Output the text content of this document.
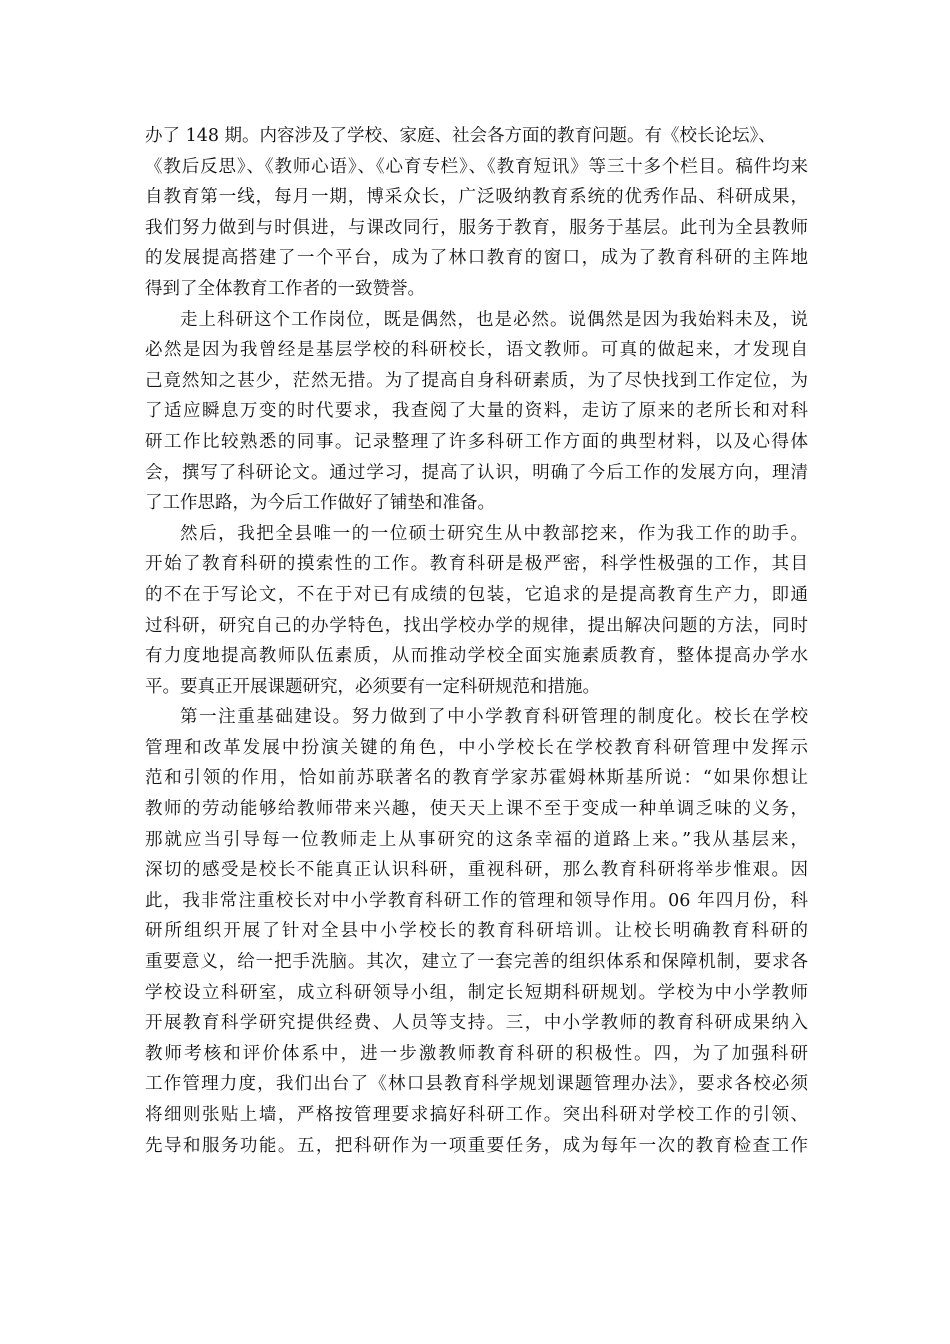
办了 148 期。内容涉及了学校、家庭、社会各方面的教育问题。有《校长论坛》、
《教后反思》、《教师心语》、《心育专栏》、《教育短讯》等三十多个栏目。稿件均来
自教育第一线，每月一期，博采众长，广泛吸纳教育系统的优秀作品、科研成果，
我们努力做到与时俱进，与课改同行，服务于教育，服务于基层。此刊为全县教师
的发展提高搭建了一个平台，成为了林口教育的窗口，成为了教育科研的主阵地
得到了全体教育工作者的一致赞誉。
走上科研这个工作岗位，既是偶然，也是必然。说偶然是因为我始料未及，说
必然是因为我曾经是基层学校的科研校长，语文教师。可真的做起来，才发现自
己竟然知之甚少，茫然无措。为了提高自身科研素质，为了尽快找到工作定位，为
了适应瞬息万变的时代要求，我查阅了大量的资料，走访了原来的老所长和对科
研工作比较熟悉的同事。记录整理了许多科研工作方面的典型材料，以及心得体
会，撰写了科研论文。通过学习，提高了认识，明确了今后工作的发展方向，理清
了工作思路，为今后工作做好了铺垫和准备。
然后，我把全县唯一的一位硕士研究生从中教部挖来，作为我工作的助手。
开始了教育科研的摸索性的工作。教育科研是极严密，科学性极强的工作，其目
的不在于写论文，不在于对已有成绩的包装，它追求的是提高教育生产力，即通
过科研，研究自己的办学特色，找出学校办学的规律，提出解决问题的方法，同时
有力度地提高教师队伍素质，从而推动学校全面实施素质教育，整体提高办学水
平。要真正开展课题研究，必须要有一定科研规范和措施。
第一注重基础建设。努力做到了中小学教育科研管理的制度化。校长在学校
管理和改革发展中扮演关键的角色，中小学校长在学校教育科研管理中发挥示
范和引领的作用，恰如前苏联著名的教育学家苏霍姆林斯基所说：“如果你想让
教师的劳动能够给教师带来兴趣，使天天上课不至于变成一种单调乏味的义务，
那就应当引导每一位教师走上从事研究的这条幸福的道路上来。”我从基层来，
深切的感受是校长不能真正认识科研，重视科研，那么教育科研将举步惟艰。因
此，我非常注重校长对中小学教育科研工作的管理和领导作用。06 年四月份，科
研所组织开展了针对全县中小学校长的教育科研培训。让校长明确教育科研的
重要意义，给一把手洗脑。其次，建立了一套完善的组织体系和保障机制，要求各
学校设立科研室，成立科研领导小组，制定长短期科研规划。学校为中小学教师
开展教育科学研究提供经费、人员等支持。三，中小学教师的教育科研成果纳入
教师考核和评价体系中，进一步激教师教育科研的积极性。四，为了加强科研
工作管理力度，我们出台了《林口县教育科学规划课题管理办法》，要求各校必须
将细则张贴上墙，严格按管理要求搞好科研工作。突出科研对学校工作的引领、
先导和服务功能。五，把科研作为一项重要任务，成为每年一次的教育检查工作
